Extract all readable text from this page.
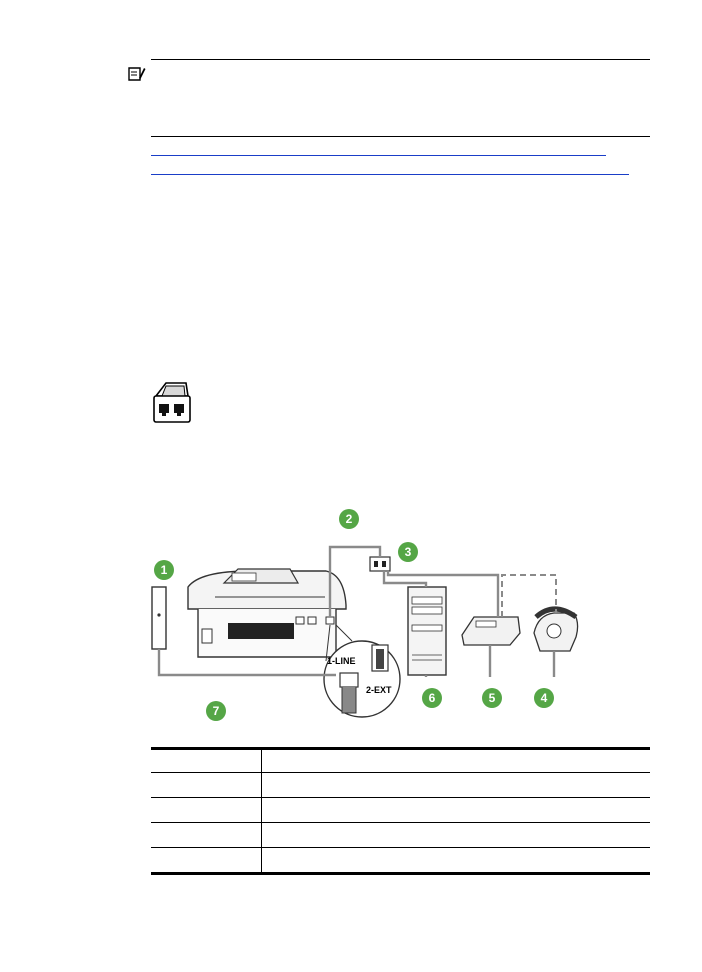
1-LINE
2-EXT
1
2
3
4
5
6
7
